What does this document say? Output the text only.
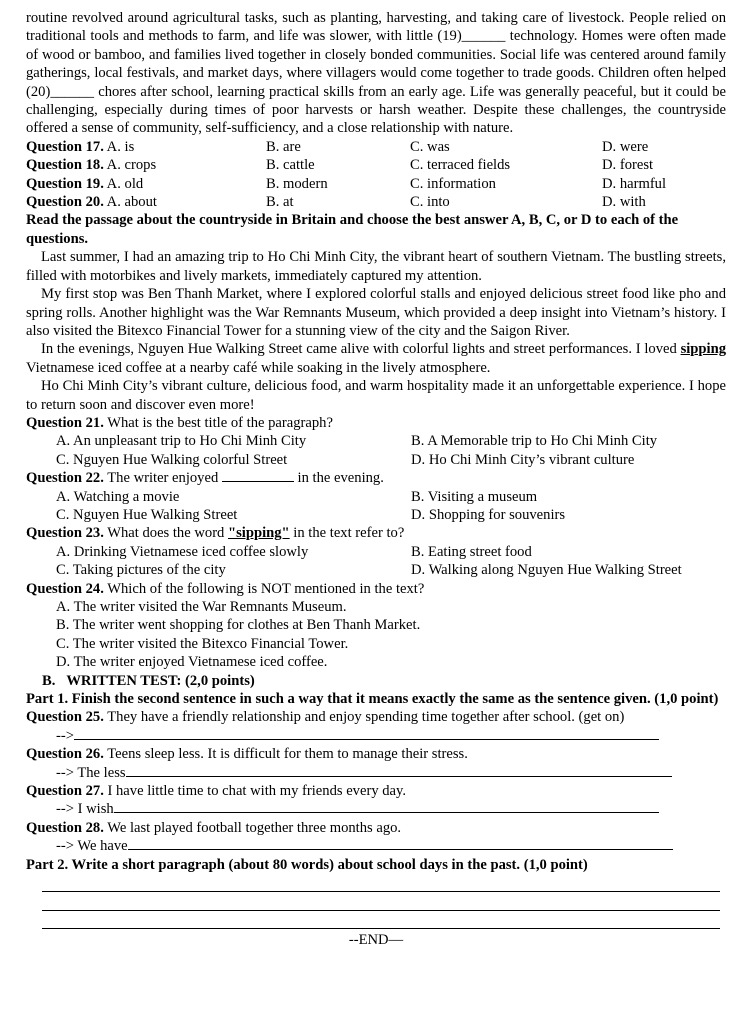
routine revolved around agricultural tasks, such as planting, harvesting, and taking care of livestock. People relied on traditional tools and methods to farm, and life was slower, with little (19)______ technology. Homes were often made of wood or bamboo, and families lived together in closely bonded communities. Social life was centered around family gatherings, local festivals, and market days, where villagers would come together to trade goods. Children often helped (20)______ chores after school, learning practical skills from an early age. Life was generally peaceful, but it could be challenging, especially during times of poor harvests or harsh weather. Despite these challenges, the countryside offered a sense of community, self-sufficiency, and a close relationship with nature.

Question 17. A. is	B. are	C. was	D. were
Question 18. A. crops	B. cattle	C. terraced fields	D. forest
Question 19. A. old	B. modern	C. information	D. harmful
Question 20. A. about	B. at	C. into	D. with

Read the passage about the countryside in Britain and choose the best answer A, B, C, or D to each of the questions.

Last summer, I had an amazing trip to Ho Chi Minh City, the vibrant heart of southern Vietnam. The bustling streets, filled with motorbikes and lively markets, immediately captured my attention.

My first stop was Ben Thanh Market, where I explored colorful stalls and enjoyed delicious street food like pho and spring rolls. Another highlight was the War Remnants Museum, which provided a deep insight into Vietnam’s history. I also visited the Bitexco Financial Tower for a stunning view of the city and the Saigon River.

In the evenings, Nguyen Hue Walking Street came alive with colorful lights and street performances. I loved sipping Vietnamese iced coffee at a nearby café while soaking in the lively atmosphere.

Ho Chi Minh City’s vibrant culture, delicious food, and warm hospitality made it an unforgettable experience. I hope to return soon and discover even more!

Question 21. What is the best title of the paragraph?

A. An unpleasant trip to Ho Chi Minh City	B. A Memorable trip to Ho Chi Minh City
C. Nguyen Hue Walking colorful Street	D. Ho Chi Minh City’s vibrant culture

Question 22. The writer enjoyed	in the evening.

A. Watching a movie	B. Visiting a museum
C. Nguyen Hue Walking Street	D. Shopping for souvenirs

Question 23. What does the word "sipping" in the text refer to?

A. Drinking Vietnamese iced coffee slowly	B. Eating street food
C. Taking pictures of the city	D. Walking along Nguyen Hue Walking Street

Question 24. Which of the following is NOT mentioned in the text?

A. The writer visited the War Remnants Museum.

B. The writer went shopping for clothes at Ben Thanh Market.

C. The writer visited the Bitexco Financial Tower.

D. The writer enjoyed Vietnamese iced coffee.

B.   WRITTEN TEST: (2,0 points)

Part 1. Finish the second sentence in such a way that it means exactly the same as the sentence given. (1,0 point)

Question 25. They have a friendly relationship and enjoy spending time together after school. (get on)

-->

Question 26. Teens sleep less. It is difficult for them to manage their stress.

--> The less

Question 27. I have little time to chat with my friends every day.

--> I wish

Question 28. We last played football together three months ago.

--> We have

Part 2. Write a short paragraph (about 80 words) about school days in the past. (1,0 point)

--END—
